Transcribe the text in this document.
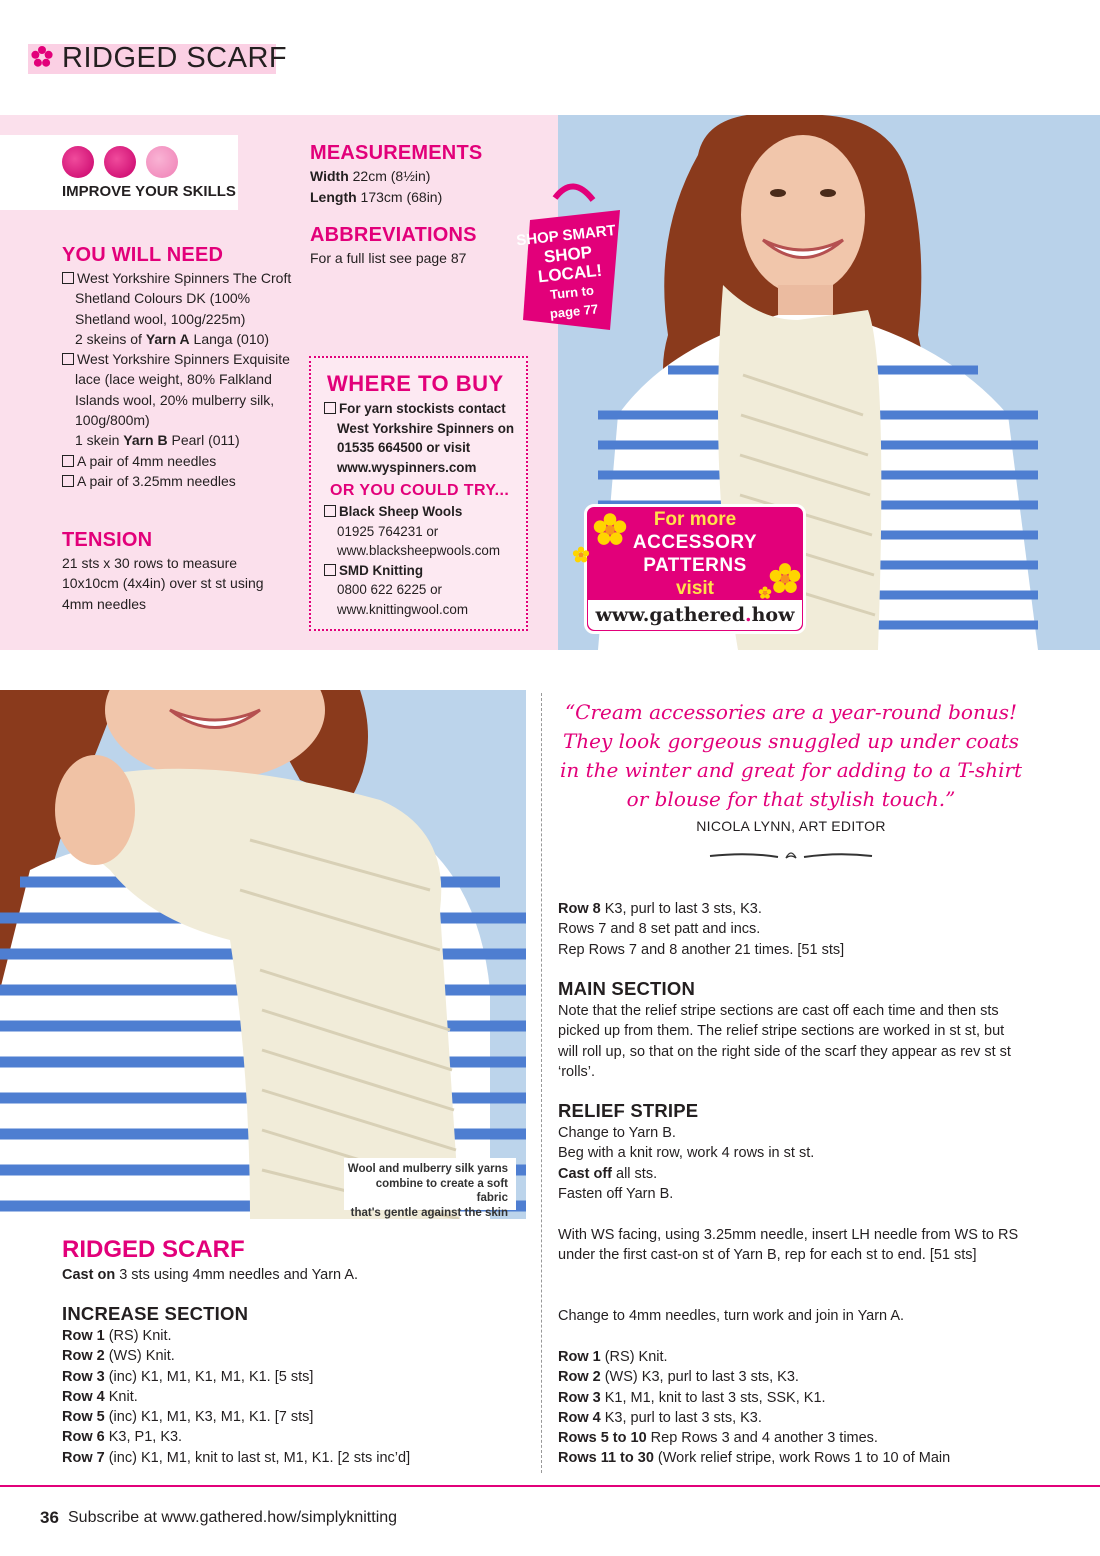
RIDGED SCARF
IMPROVE YOUR SKILLS
YOU WILL NEED

West Yorkshire Spinners The Croft Shetland Colours DK (100% Shetland wool, 100g/225m)
2 skeins of Yarn A Langa (010)

West Yorkshire Spinners Exquisite lace (lace weight, 80% Falkland Islands wool, 20% mulberry silk, 100g/800m)
1 skein Yarn B Pearl (011)

A pair of 4mm needles

A pair of 3.25mm needles

TENSION
21 sts x 30 rows to measure 10x10cm (4x4in) over st st using 4mm needles
MEASUREMENTS
Width 22cm (8½in)
Length 173cm (68in)
ABBREVIATIONS
For a full list see page 87
WHERE TO BUY

For yarn stockists contact West Yorkshire Spinners on 01535 664500 or visit www.wyspinners.com

OR YOU COULD TRY...

Black Sheep Wools
01925 764231 or www.blacksheepwools.com

SMD Knitting
0800 622 6225 or www.knittingwool.com

SHOP SMART
SHOP
LOCAL!
Turn to
page 77
For more
ACCESSORY
PATTERNS
visit
www.gathered.how
Wool and mulberry silk yarns
combine to create a soft fabric
that's gentle against the skin
“Cream accessories are a year-round bonus! They look gorgeous snuggled up under coats in the winter and great for adding to a T-shirt or blouse for that stylish touch.”
NICOLA LYNN, ART EDITOR
RIDGED SCARF
Cast on 3 sts using 4mm needles and Yarn A.
INCREASE SECTION

Row 1 (RS) Knit.

Row 2 (WS) Knit.

Row 3 (inc) K1, M1, K1, M1, K1. [5 sts]

Row 4 Knit.

Row 5 (inc) K1, M1, K3, M1, K1. [7 sts]

Row 6 K3, P1, K3.

Row 7 (inc) K1, M1, knit to last st, M1, K1. [2 sts inc’d]

Row 8 K3, purl to last 3 sts, K3.

Rows 7 and 8 set patt and incs.

Rep Rows 7 and 8 another 21 times. [51 sts]

MAIN SECTION
Note that the relief stripe sections are cast off each time and then sts picked up from them. The relief stripe sections are worked in st st, but will roll up, so that on the right side of the scarf they appear as rev st st ‘rolls’.
RELIEF STRIPE

Change to Yarn B.

Beg with a knit row, work 4 rows in st st.

Cast off all sts.

Fasten off Yarn B.

With WS facing, using 3.25mm needle, insert LH needle from WS to RS under the first cast-on st of Yarn B, rep for each st to end. [51 sts]
Change to 4mm needles, turn work and join in Yarn A.

Row 1 (RS) Knit.

Row 2 (WS) K3, purl to last 3 sts, K3.

Row 3 K1, M1, knit to last 3 sts, SSK, K1.

Row 4 K3, purl to last 3 sts, K3.

Rows 5 to 10 Rep Rows 3 and 4 another 3 times.

Rows 11 to 30 (Work relief stripe, work Rows 1 to 10 of Main

36 Subscribe at www.gathered.how/simplyknitting
